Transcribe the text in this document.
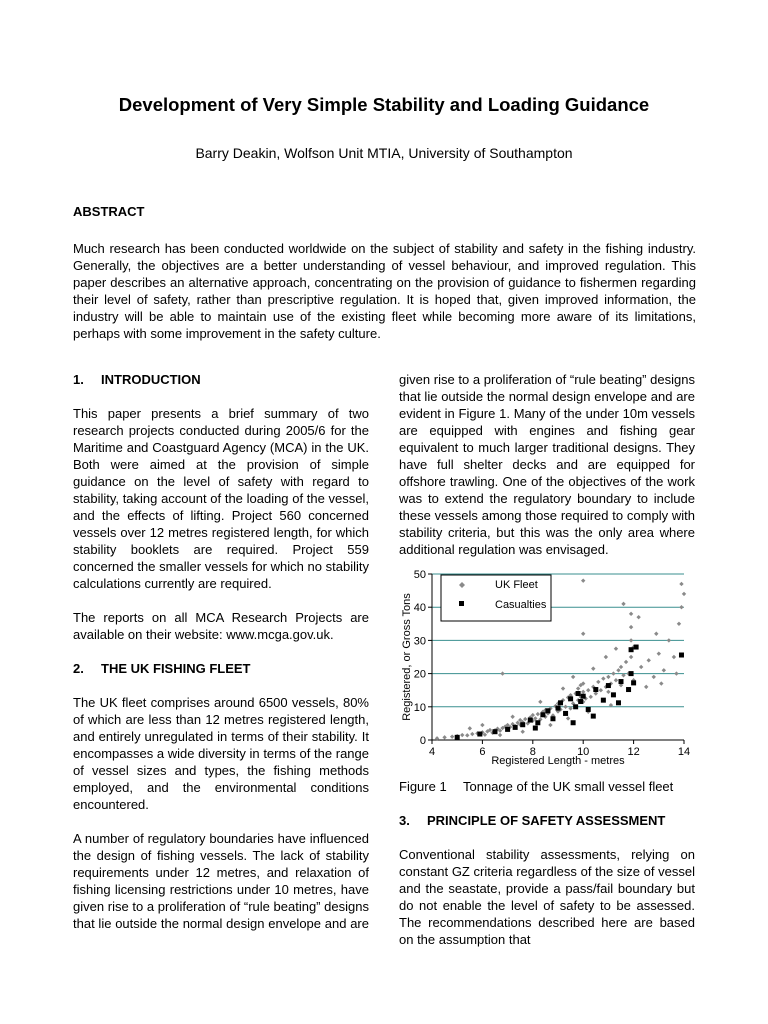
Development of Very Simple Stability and Loading Guidance
Barry Deakin, Wolfson Unit MTIA, University of Southampton
ABSTRACT

Much research has been conducted worldwide on the subject of stability and safety in the fishing industry. Generally, the objectives are a better understanding of vessel behaviour, and improved regulation. This paper describes an alternative approach, concentrating on the provision of guidance to fishermen regarding their level of safety, rather than prescriptive regulation. It is hoped that, given improved information, the industry will be able to maintain use of the existing fleet while becoming more aware of its limitations, perhaps with some improvement in the safety culture.

1. INTRODUCTION

This paper presents a brief summary of two research projects conducted during 2005/6 for the Maritime and Coastguard Agency (MCA) in the UK. Both were aimed at the provision of simple guidance on the level of safety with regard to stability, taking account of the loading of the vessel, and the effects of lifting. Project 560 concerned vessels over 12 metres registered length, for which stability booklets are required. Project 559 concerned the smaller vessels for which no stability calculations currently are required.

The reports on all MCA Research Projects are available on their website: www.mcga.gov.uk.

2. THE UK FISHING FLEET

The UK fleet comprises around 6500 vessels, 80% of which are less than 12 metres registered length, and entirely unregulated in terms of their stability. It encompasses a wide diversity in terms of the range of vessel sizes and types, the fishing methods employed, and the environmental conditions encountered.

A number of regulatory boundaries have influenced the design of fishing vessels. The lack of stability requirements under 12 metres, and relaxation of fishing licensing restrictions under 10 metres, have given rise to a proliferation of “rule beating” designs that lie outside the normal design envelope and are

given rise to a proliferation of “rule beating” designs that lie outside the normal design envelope and are evident in Figure 1. Many of the under 10m vessels are equipped with engines and fishing gear equivalent to much larger traditional designs. They have full shelter decks and are equipped for offshore trawling. One of the objectives of the work was to extend the regulatory boundary to include these vessels among those required to comply with stability criteria, but this was the only area where additional regulation was envisaged.

0
10
20
30
40
50
4	6	8	10	12	14
Registered Length - metres
Registered, or Gross Tons
UK Fleet
Casualties
Figure 1 Tonnage of the UK small vessel fleet
3. PRINCIPLE OF SAFETY ASSESSMENT

Conventional stability assessments, relying on constant GZ criteria regardless of the size of vessel and the seastate, provide a pass/fail boundary but do not enable the level of safety to be assessed. The recommendations described here are based on the assumption that
